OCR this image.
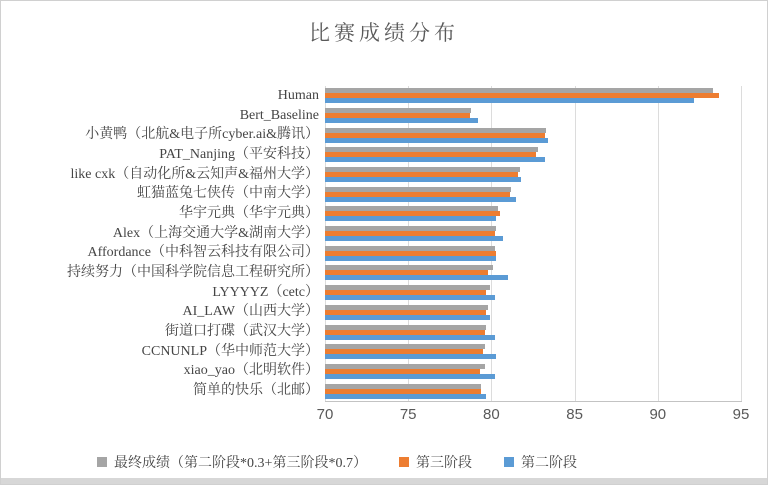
比赛成绩分布
Human
Bert_Baseline
小黄鸭（北航&电子所cyber.ai&腾讯）
PAT_Nanjing（平安科技）
like cxk（自动化所&云知声&福州大学）
虹猫蓝兔七侠传（中南大学）
华宇元典（华宇元典）
Alex（上海交通大学&湖南大学）
Affordance（中科智云科技有限公司）
持续努力（中国科学院信息工程研究所）
LYYYYZ（cetc）
AI_LAW（山西大学）
街道口打碟（武汉大学）
CCNUNLP（华中师范大学）
xiao_yao（北明软件）
简单的快乐（北邮）
70	75	80	85	90	95
最终成绩（第二阶段*0.3+第三阶段*0.7）	第三阶段	第二阶段
